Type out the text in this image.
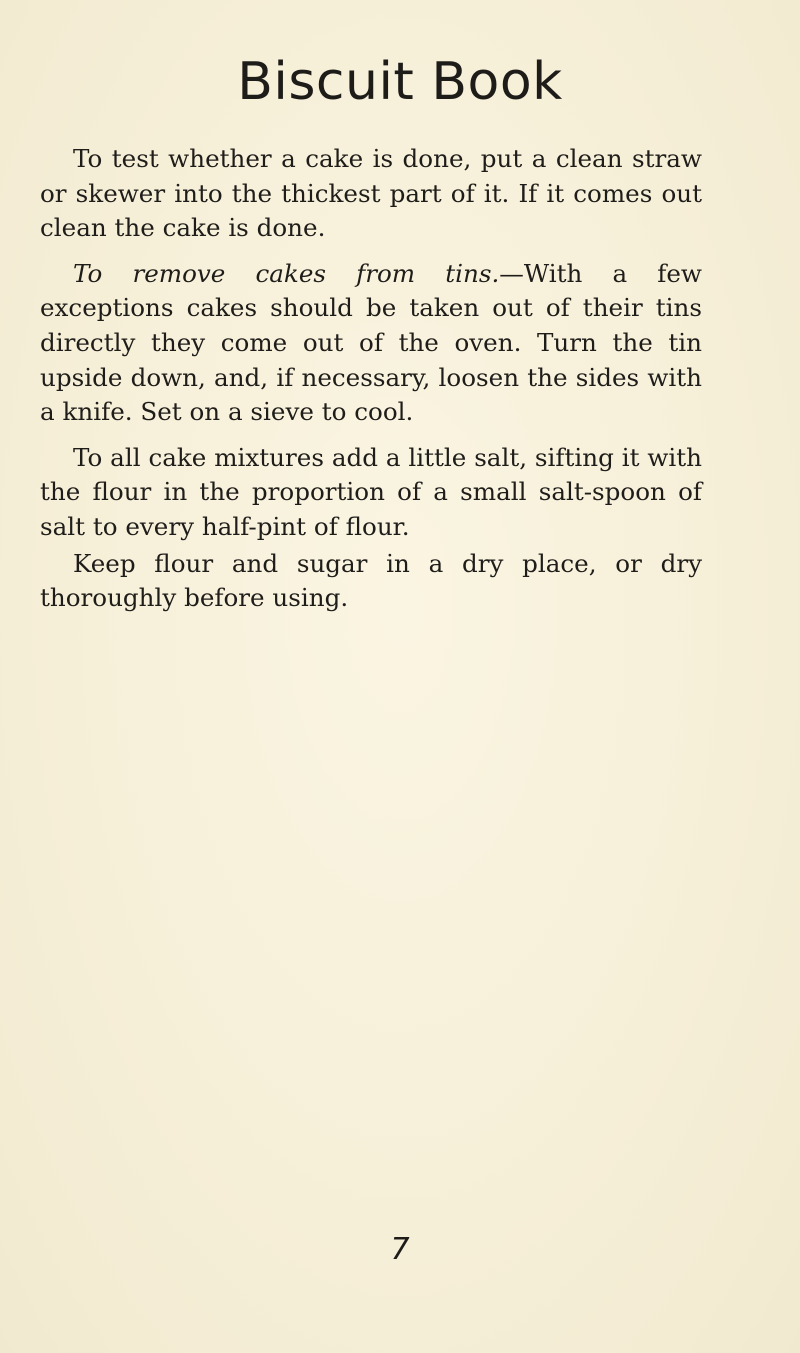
Biscuit Book

To test whether a cake is done, put a clean straw or skewer into the thickest part of it. If it comes out clean the cake is done.

To remove cakes from tins.—With a few exceptions cakes should be taken out of their tins directly they come out of the oven. Turn the tin upside down, and, if necessary, loosen the sides with a knife. Set on a sieve to cool.

To all cake mixtures add a little salt, sifting it with the flour in the proportion of a small salt-spoon of salt to every half-pint of flour.

Keep flour and sugar in a dry place, or dry thoroughly before using.

7
